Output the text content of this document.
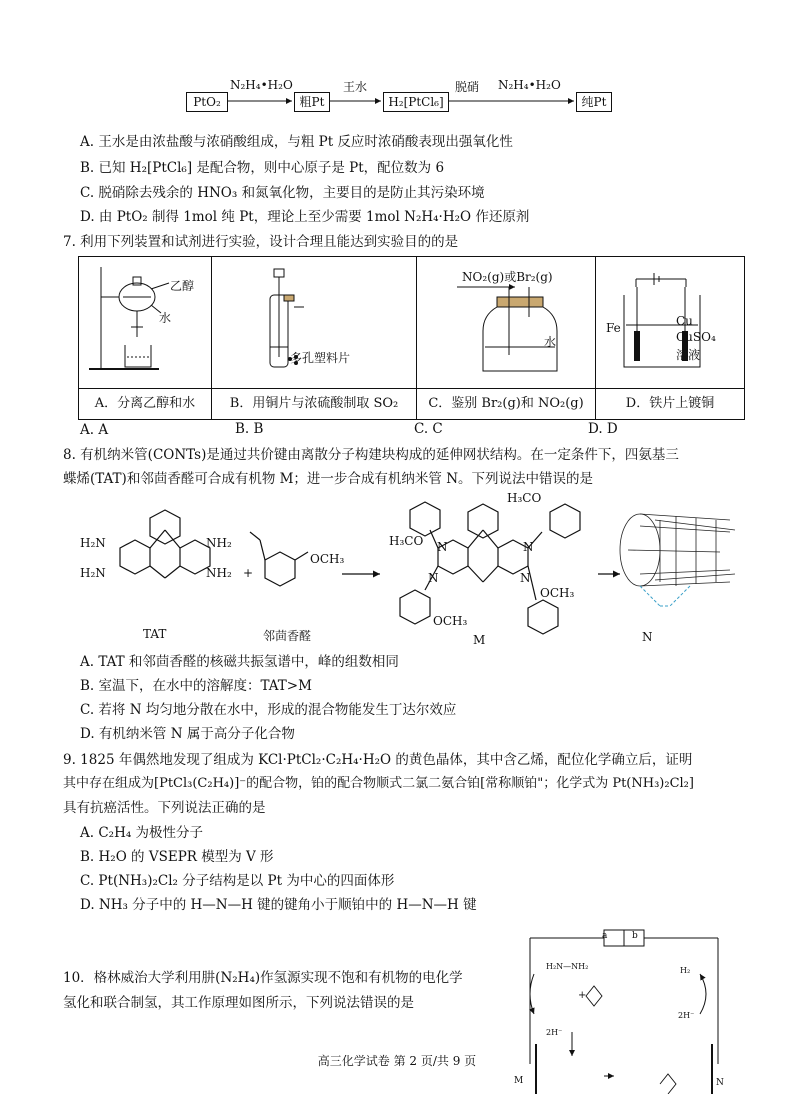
PtO₂	粗Pt	H₂[PtCl₆]	纯Pt
N₂H₄•H₂O	王水	脱硝 N₂H₄•H₂O
A. 王水是由浓盐酸与浓硝酸组成，与粗 Pt 反应时浓硝酸表现出强氧化性
B. 已知 H₂[PtCl₆] 是配合物，则中心原子是 Pt，配位数为 6
C. 脱硝除去残余的 HNO₃ 和氮氧化物，主要目的是防止其污染环境
D. 由 PtO₂ 制得 1mol 纯 Pt，理论上至少需要 1mol N₂H₄·H₂O 作还原剂
7. 利用下列装置和试剂进行实验，设计合理且能达到实验目的的是

A．分离乙醇和水	B．用铜片与浓硫酸制取 SO₂	C．鉴别 Br₂(g)和 NO₂(g)	D．铁片上镀铜
乙醇
水
多孔塑料片
NO₂(g)或Br₂(g)
水
Fe	Cu
CuSO₄
溶液
A. A	B. B	C. C	D. D
8. 有机纳米管(CONTs)是通过共价键由离散分子构建块构成的延伸网状结构。在一定条件下，四氨基三
蝶烯(TAT)和邻茴香醛可合成有机物 M；进一步合成有机纳米管 N。下列说法中错误的是
H₂N
H₂N
NH₂
NH₂ +
OCH₃
H₃CO
H₃CO
OCH₃
OCH₃
N
N
N
N
TAT	邻茴香醛	M	N
A. TAT 和邻茴香醛的核磁共振氢谱中，峰的组数相同
B. 室温下，在水中的溶解度：TAT>M
C. 若将 N 均匀地分散在水中，形成的混合物能发生丁达尔效应
D. 有机纳米管 N 属于高分子化合物
9. 1825 年偶然地发现了组成为 KCl·PtCl₂·C₂H₄·H₂O 的黄色晶体，其中含乙烯，配位化学确立后，证明
其中存在组成为[PtCl₃(C₂H₄)]⁻的配合物，铂的配合物顺式二氯二氨合铂[常称顺铂"；化学式为 Pt(NH₃)₂Cl₂]
具有抗癌活性。下列说法正确的是
A. C₂H₄ 为极性分子
B. H₂O 的 VSEPR 模型为 V 形
C. Pt(NH₃)₂Cl₂ 分子结构是以 Pt 为中心的四面体形
D. NH₃ 分子中的 H—N—H 键的键角小于顺铂中的 H—N—H 键
10．格林威治大学利用肼(N₂H₄)作氢源实现不饱和有机物的电化学
氢化和联合制氢，其工作原理如图所示，下列说法错误的是
a	b
H₂N—NH₂	H₂
+
2H⁻
2H⁻
M	N
高三化学试卷 第 2 页/共 9 页
